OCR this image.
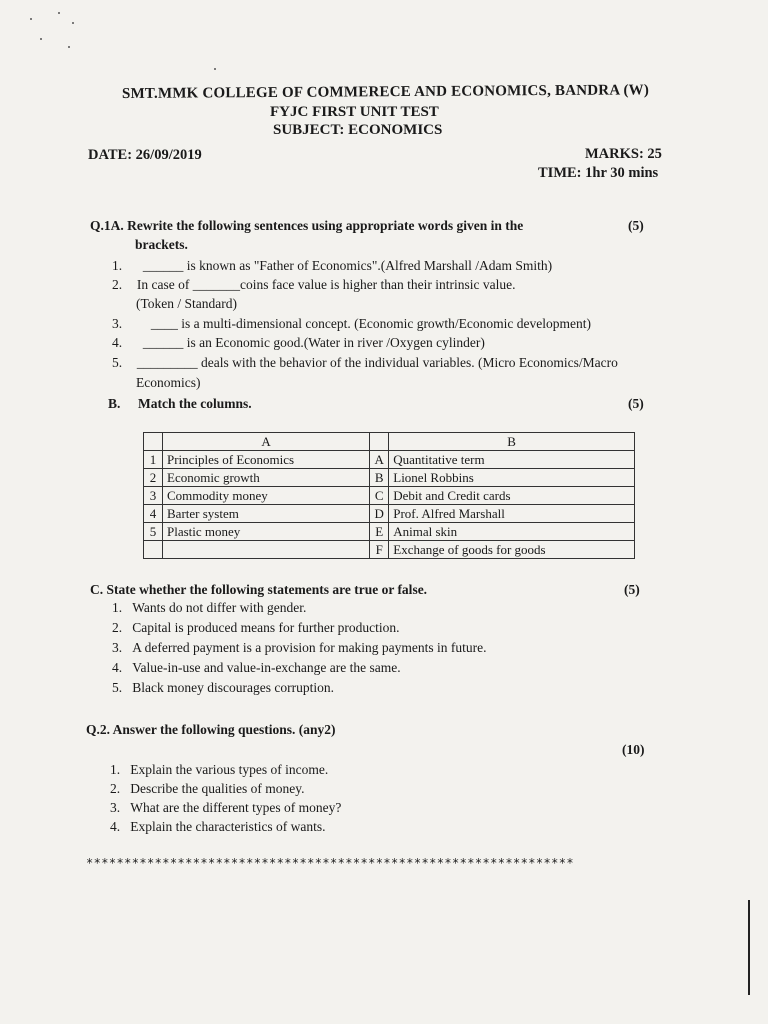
SMT.MMK COLLEGE OF COMMERECE AND ECONOMICS, BANDRA (W)
FYJC FIRST UNIT TEST
SUBJECT: ECONOMICS
DATE: 26/09/2019	MARKS: 25
TIME: 1hr 30 mins
Q.1A. Rewrite the following sentences using appropriate words given in the
brackets.
(5)
1. ______ is known as "Father of Economics".(Alfred Marshall /Adam Smith)
2. In case of _______coins face value is higher than their intrinsic value.
(Token / Standard)
3. ____ is a multi-dimensional concept. (Economic growth/Economic development)
4. ______ is an Economic good.(Water in river /Oxygen cylinder)
5. _________ deals with the behavior of the individual variables. (Micro Economics/Macro
Economics)
B. Match the columns.	(5)
	A		B
1	Principles of Economics	A	Quantitative term
2	Economic growth	B	Lionel Robbins
3	Commodity money	C	Debit and Credit cards
4	Barter system	D	Prof. Alfred Marshall
5	Plastic money	E	Animal skin
		F	Exchange of goods for goods
C. State whether the following statements are true or false.	(5)
1. Wants do not differ with gender.
2. Capital is produced means for further production.
3. A deferred payment is a provision for making payments in future.
4. Value-in-use and value-in-exchange are the same.
5. Black money discourages corruption.
Q.2. Answer the following questions. (any2)
(10)
1. Explain the various types of income.
2. Describe the qualities of money.
3. What are the different types of money?
4. Explain the characteristics of wants.
****************************************************************
